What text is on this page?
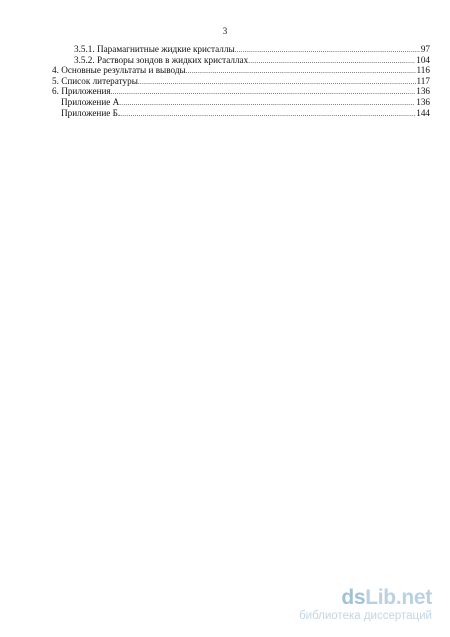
3
3.5.1. Парамагнитные жидкие кристаллы .....	97
3.5.2. Растворы зондов в жидких кристаллах .....	104
4. Основные результаты и выводы .....	116
5. Список литературы .....	117
6. Приложения .....	136
Приложение А .....	136
Приложение Б. .....	144
dsLib.net
библиотека диссертаций
